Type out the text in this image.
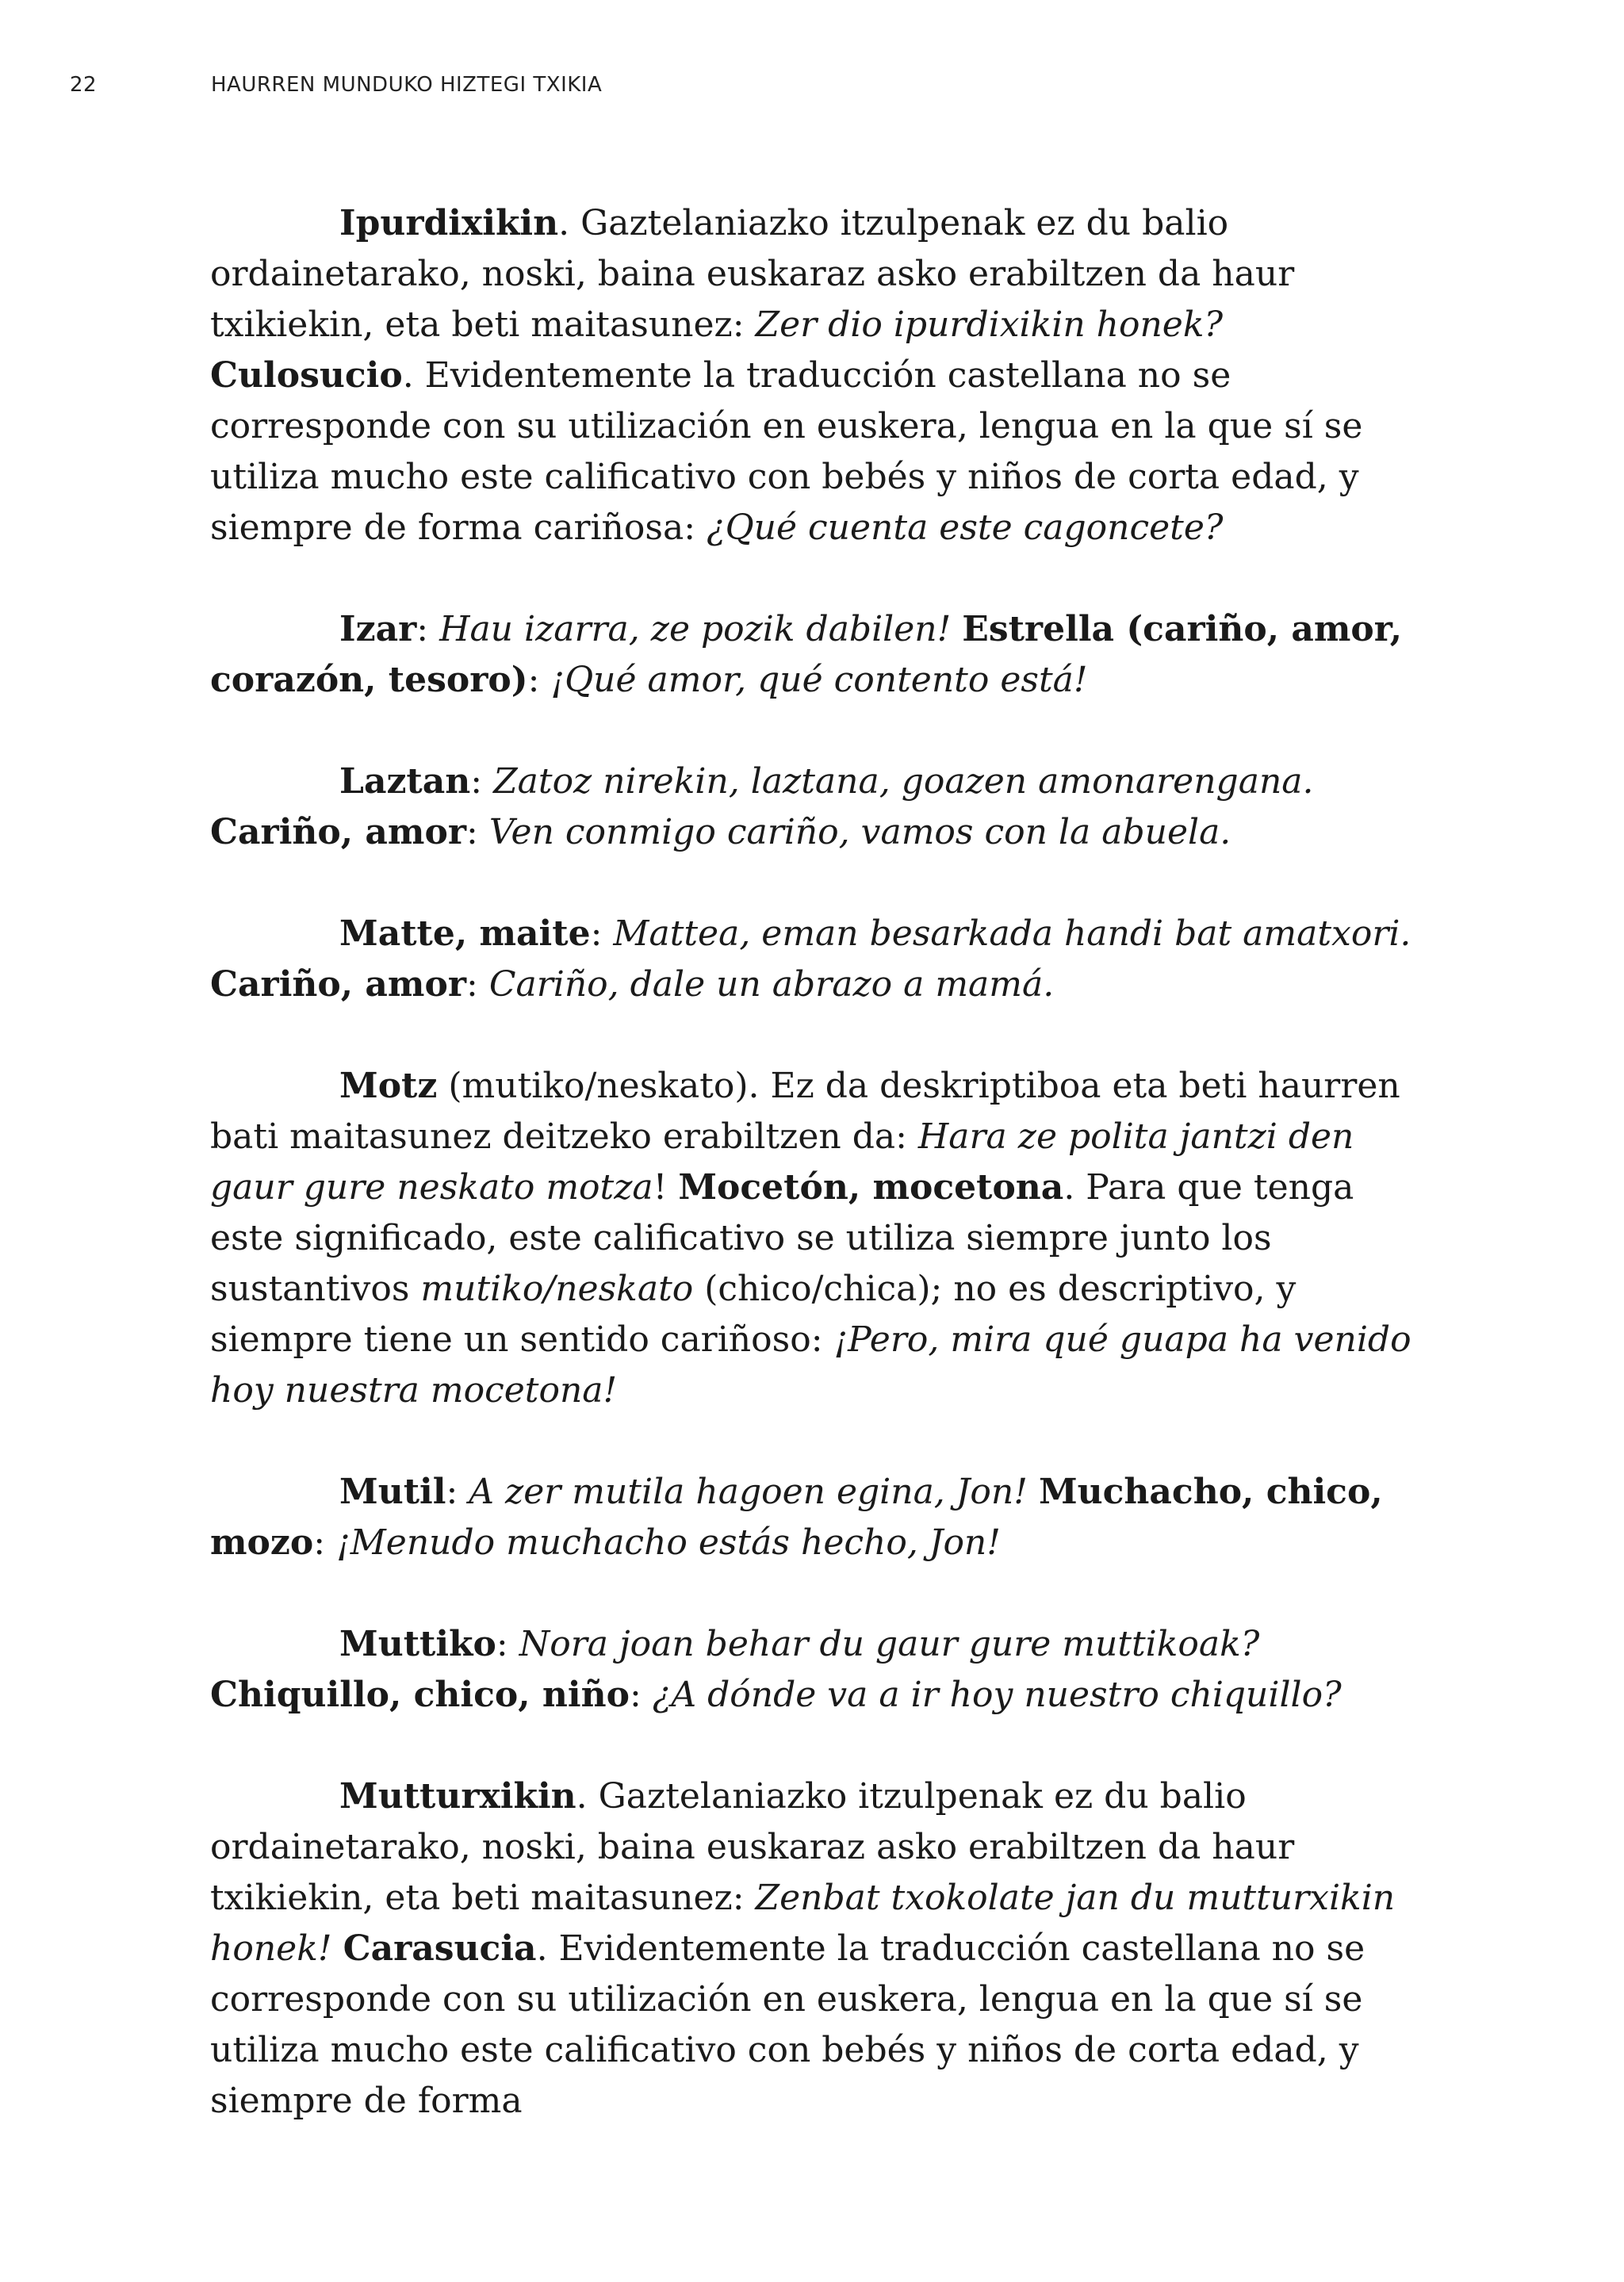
22	HAURREN MUNDUKO HIZTEGI TXIKIA

Ipurdixikin. Gaztelaniazko itzulpenak ez du balio ordainetarako, noski, baina euskaraz asko erabiltzen da haur txikiekin, eta beti maitasunez: Zer dio ipurdixikin honek? Culosucio. Evidentemente la traducción castellana no se corresponde con su utilización en euskera, lengua en la que sí se utiliza mucho este calificativo con bebés y niños de corta edad, y siempre de forma cariñosa: ¿Qué cuenta este cagoncete?

Izar: Hau izarra, ze pozik dabilen! Estrella (cariño, amor, corazón, tesoro): ¡Qué amor, qué contento está!

Laztan: Zatoz nirekin, laztana, goazen amonarengana. Cariño, amor: Ven conmigo cariño, vamos con la abuela.

Matte, maite: Mattea, eman besarkada handi bat amatxori. Cariño, amor: Cariño, dale un abrazo a mamá.

Motz (mutiko/neskato). Ez da deskriptiboa eta beti haurren bati maitasunez deitzeko erabiltzen da: Hara ze polita jantzi den gaur gure neskato motza! Mocetón, mocetona. Para que tenga este significado, este calificativo se utiliza siempre junto los sustantivos mutiko/neskato (chico/chica); no es descriptivo, y siempre tiene un sentido cariñoso: ¡Pero, mira qué guapa ha venido hoy nuestra mocetona!

Mutil: A zer mutila hagoen egina, Jon! Muchacho, chico, mozo: ¡Menudo muchacho estás hecho, Jon!

Muttiko: Nora joan behar du gaur gure muttikoak? Chiquillo, chico, niño: ¿A dónde va a ir hoy nuestro chiquillo?

Mutturxikin. Gaztelaniazko itzulpenak ez du balio ordainetarako, noski, baina euskaraz asko erabiltzen da haur txikiekin, eta beti maitasunez: Zenbat txokolate jan du mutturxikin honek! Carasucia. Evidentemente la traducción castellana no se corresponde con su utilización en euskera, lengua en la que sí se utiliza mucho este calificativo con bebés y niños de corta edad, y siempre de forma
